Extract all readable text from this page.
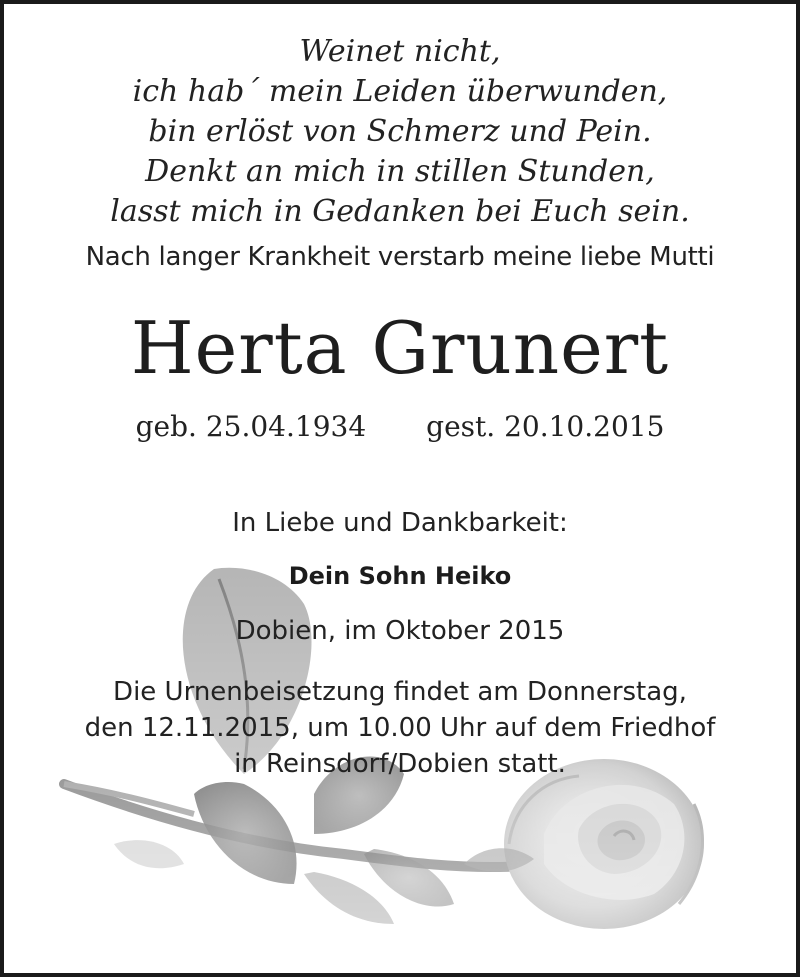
Weinet nicht,
ich hab´ mein Leiden überwunden,
bin erlöst von Schmerz und Pein.
Denkt an mich in stillen Stunden,
lasst mich in Gedanken bei Euch sein.
Nach langer Krankheit verstarb meine liebe Mutti
Herta Grunert
geb. 25.04.1934 gest. 20.10.2015
In Liebe und Dankbarkeit:
Dein Sohn Heiko
Dobien, im Oktober 2015
Die Urnenbeisetzung findet am Donnerstag,
den 12.11.2015, um 10.00 Uhr auf dem Friedhof
in Reinsdorf/Dobien statt.
